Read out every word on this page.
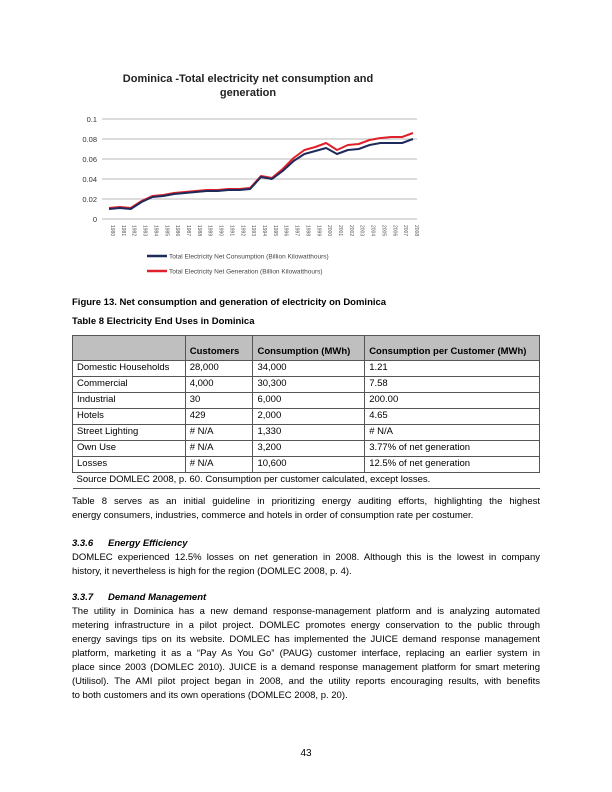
Dominica -Total electricity net consumption and
generation
0
0.02
0.04
0.06
0.08
0.1
1980 1981 1982 1983 1984 1985 1986 1987 1988 1989 1990 1991 1992 1993 1994 1995 1996 1997 1998 1999 2000 2001 2002 2003 2004 2005 2006 2007 2008
Total Electricity Net Consumption (Billion Kilowatthours)
Total Electricity Net Generation (Billion Kilowatthours)
Figure 13. Net consumption and generation of electricity on Dominica
Table 8 Electricity End Uses in Dominica
	Customers	Consumption (MWh)	Consumption per Customer (MWh)
Domestic Households	28,000	34,000	1.21
Commercial	4,000	30,300	7.58
Industrial	30	6,000	200.00
Hotels	429	2,000	4.65
Street Lighting	# N/A	1,330	# N/A
Own Use	# N/A	3,200	3.77% of net generation
Losses	# N/A	10,600	12.5% of net generation
Source DOMLEC 2008, p. 60. Consumption per customer calculated, except losses.			
Table 8 serves as an initial guideline in prioritizing energy auditing efforts, highlighting the highest
energy consumers, industries, commerce and hotels in order of consumption rate per costumer.
3.3.6 Energy Efficiency
DOMLEC experienced 12.5% losses on net generation in 2008. Although this is the lowest in company
history, it nevertheless is high for the region (DOMLEC 2008, p. 4).
3.3.7 Demand Management
The utility in Dominica has a new demand response-management platform and is analyzing automated
metering infrastructure in a pilot project. DOMLEC promotes energy conservation to the public through
energy savings tips on its website. DOMLEC has implemented the JUICE demand response management
platform, marketing it as a “Pay As You Go” (PAUG) customer interface, replacing an earlier system in
place since 2003 (DOMLEC 2010). JUICE is a demand response management platform for smart metering
(Utilisol). The AMI pilot project began in 2008, and the utility reports encouraging results, with benefits
to both customers and its own operations (DOMLEC 2008, p. 20).
43
